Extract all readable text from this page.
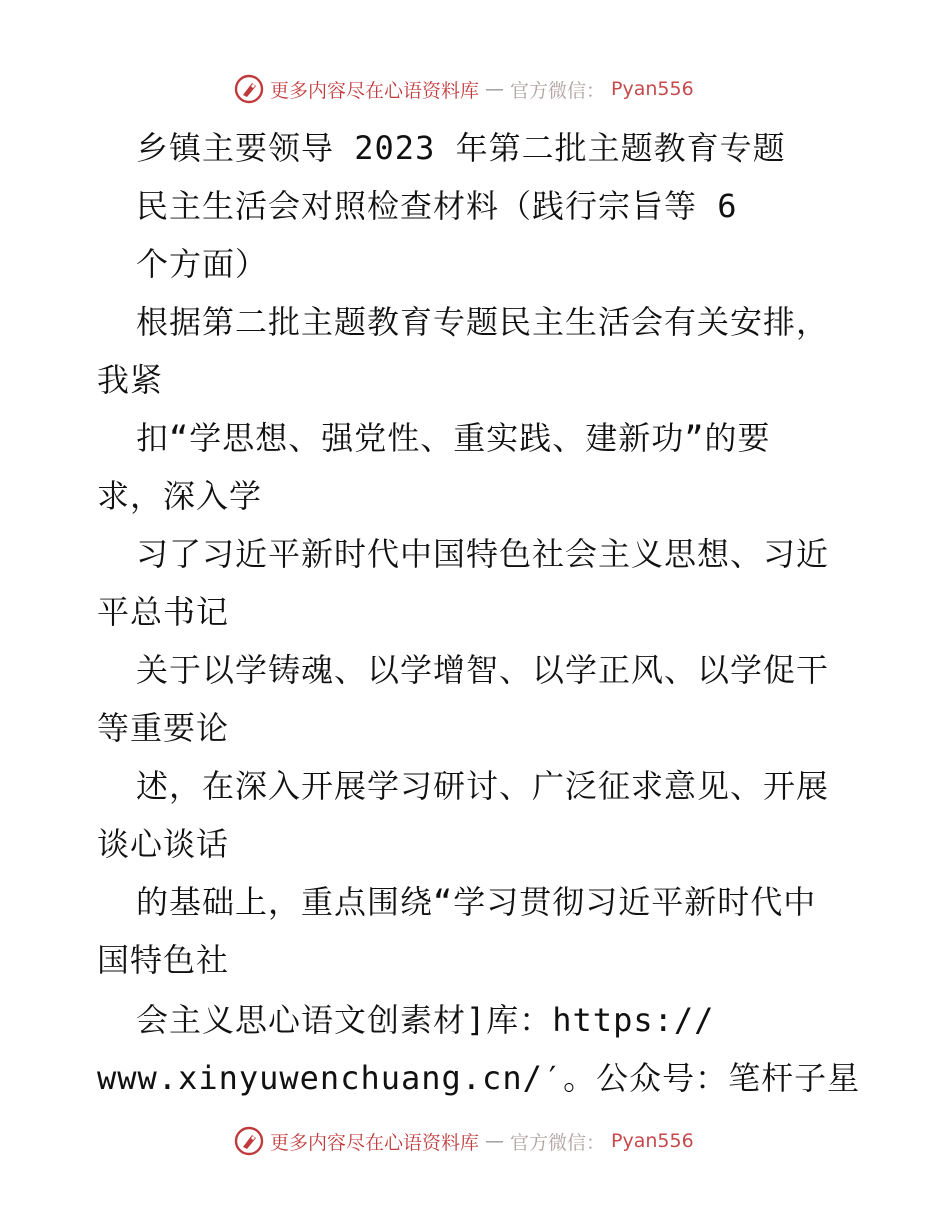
更多内容尽在心语资料库 — 官方微信： Pyan556
乡镇主要领导 2023 年第二批主题教育专题
民主生活会对照检查材料（践行宗旨等 6
个方面）
根据第二批主题教育专题民主生活会有关安排，
我紧
扣“学思想、强党性、重实践、建新功”的要
求，深入学
习了习近平新时代中国特色社会主义思想、习近
平总书记
关于以学铸魂、以学增智、以学正风、以学促干
等重要论
述，在深入开展学习研讨、广泛征求意见、开展
谈心谈话
的基础上，重点围绕“学习贯彻习近平新时代中
国特色社
会主义思心语文创素材]库：https://
www.xinyuwenchuang.cn/′。公众号：笔杆子星
更多内容尽在心语资料库 — 官方微信： Pyan556
